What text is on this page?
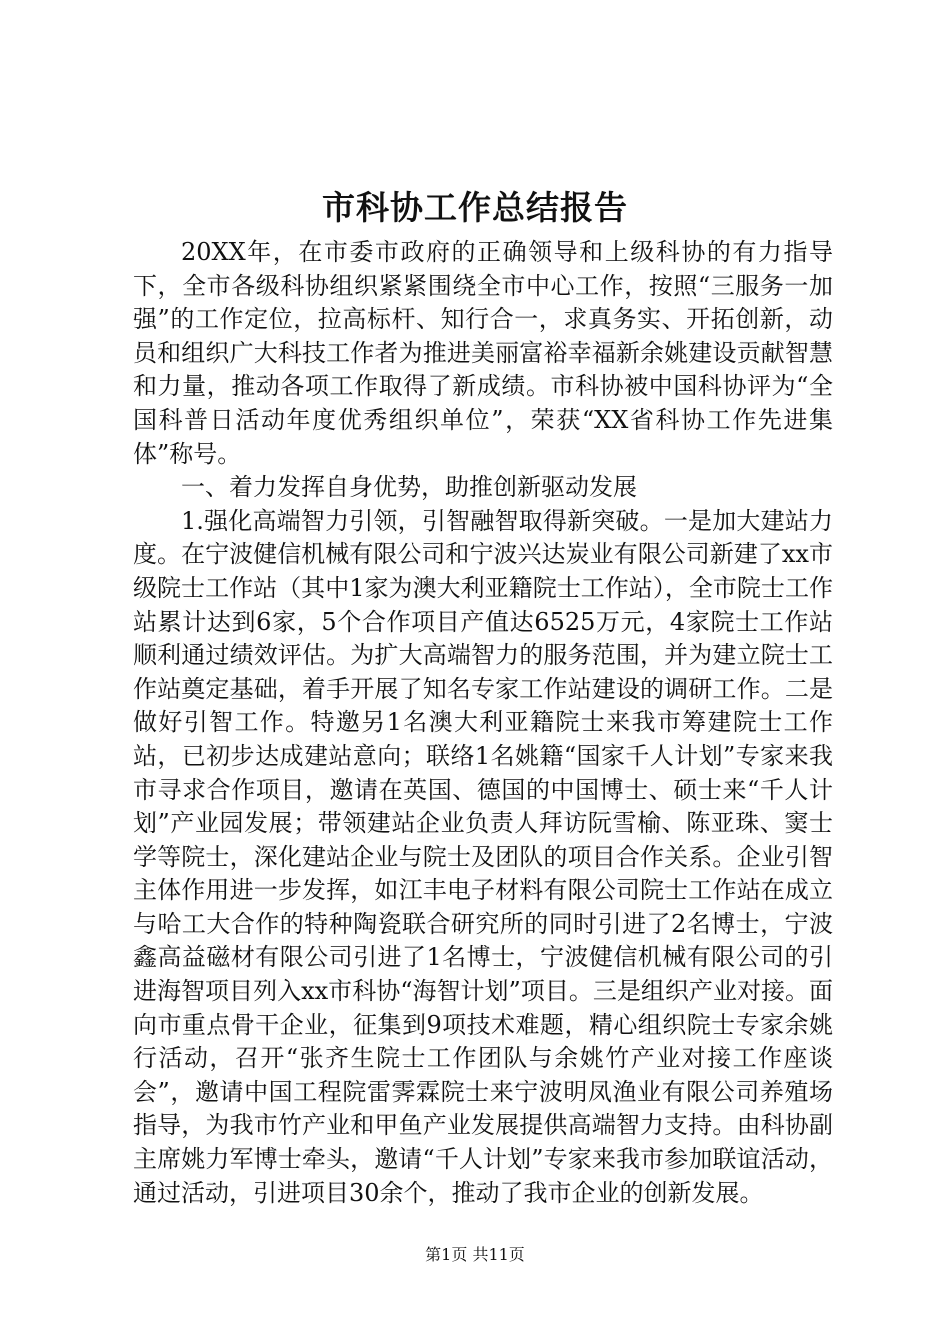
市科协工作总结报告

20XX年，在市委市政府的正确领导和上级科协的有力指导下，全市各级科协组织紧紧围绕全市中心工作，按照“三服务一加强”的工作定位，拉高标杆、知行合一，求真务实、开拓创新，动员和组织广大科技工作者为推进美丽富裕幸福新余姚建设贡献智慧和力量，推动各项工作取得了新成绩。市科协被中国科协评为“全国科普日活动年度优秀组织单位”，荣获“XX省科协工作先进集体”称号。

一、着力发挥自身优势，助推创新驱动发展

1.强化高端智力引领，引智融智取得新突破。一是加大建站力度。在宁波健信机械有限公司和宁波兴达炭业有限公司新建了xx市级院士工作站（其中1家为澳大利亚籍院士工作站），全市院士工作站累计达到6家，5个合作项目产值达6525万元，4家院士工作站顺利通过绩效评估。为扩大高端智力的服务范围，并为建立院士工作站奠定基础，着手开展了知名专家工作站建设的调研工作。二是做好引智工作。特邀另1名澳大利亚籍院士来我市筹建院士工作站，已初步达成建站意向；联络1名姚籍“国家千人计划”专家来我市寻求合作项目，邀请在英国、德国的中国博士、硕士来“千人计划”产业园发展；带领建站企业负责人拜访阮雪榆、陈亚珠、窦士学等院士，深化建站企业与院士及团队的项目合作关系。企业引智主体作用进一步发挥，如江丰电子材料有限公司院士工作站在成立与哈工大合作的特种陶瓷联合研究所的同时引进了2名博士，宁波鑫高益磁材有限公司引进了1名博士，宁波健信机械有限公司的引进海智项目列入xx市科协“海智计划”项目。三是组织产业对接。面向市重点骨干企业，征集到9项技术难题，精心组织院士专家余姚行活动，召开“张齐生院士工作团队与余姚竹产业对接工作座谈会”，邀请中国工程院雷霁霖院士来宁波明凤渔业有限公司养殖场指导，为我市竹产业和甲鱼产业发展提供高端智力支持。由科协副主席姚力军博士牵头，邀请“千人计划”专家来我市参加联谊活动，通过活动，引进项目30余个，推动了我市企业的创新发展。

第1页 共11页
